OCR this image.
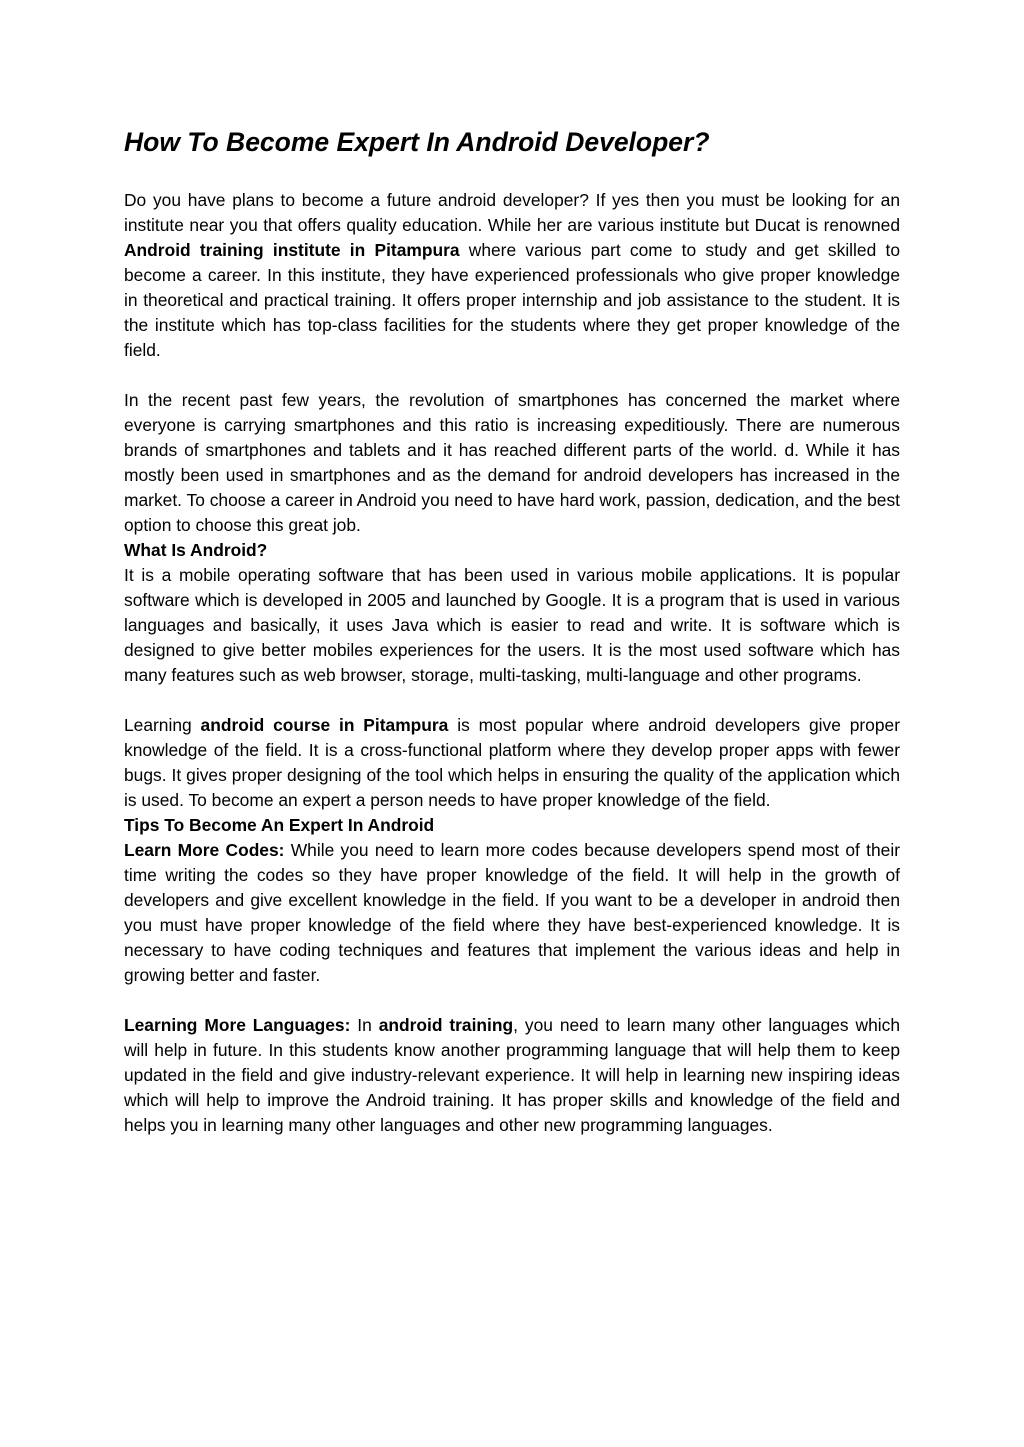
How To Become Expert In Android Developer?

Do you have plans to become a future android developer? If yes then you must be looking for an institute near you that offers quality education. While her are various institute but Ducat is renowned Android training institute in Pitampura where various part come to study and get skilled to become a career. In this institute, they have experienced professionals who give proper knowledge in theoretical and practical training. It offers proper internship and job assistance to the student. It is the institute which has top-class facilities for the students where they get proper knowledge of the field.

In the recent past few years, the revolution of smartphones has concerned the market where everyone is carrying smartphones and this ratio is increasing expeditiously. There are numerous brands of smartphones and tablets and it has reached different parts of the world. d. While it has mostly been used in smartphones and as the demand for android developers has increased in the market. To choose a career in Android you need to have hard work, passion, dedication, and the best option to choose this great job.

What Is Android?

It is a mobile operating software that has been used in various mobile applications. It is popular software which is developed in 2005 and launched by Google. It is a program that is used in various languages and basically, it uses Java which is easier to read and write. It is software which is designed to give better mobiles experiences for the users. It is the most used software which has many features such as web browser, storage, multi-tasking, multi-language and other programs.

Learning android course in Pitampura is most popular where android developers give proper knowledge of the field. It is a cross-functional platform where they develop proper apps with fewer bugs. It gives proper designing of the tool which helps in ensuring the quality of the application which is used. To become an expert a person needs to have proper knowledge of the field.

Tips To Become An Expert In Android

Learn More Codes: While you need to learn more codes because developers spend most of their time writing the codes so they have proper knowledge of the field. It will help in the growth of developers and give excellent knowledge in the field. If you want to be a developer in android then you must have proper knowledge of the field where they have best-experienced knowledge. It is necessary to have coding techniques and features that implement the various ideas and help in growing better and faster.

Learning More Languages: In android training, you need to learn many other languages which will help in future. In this students know another programming language that will help them to keep updated in the field and give industry-relevant experience. It will help in learning new inspiring ideas which will help to improve the Android training. It has proper skills and knowledge of the field and helps you in learning many other languages and other new programming languages.
